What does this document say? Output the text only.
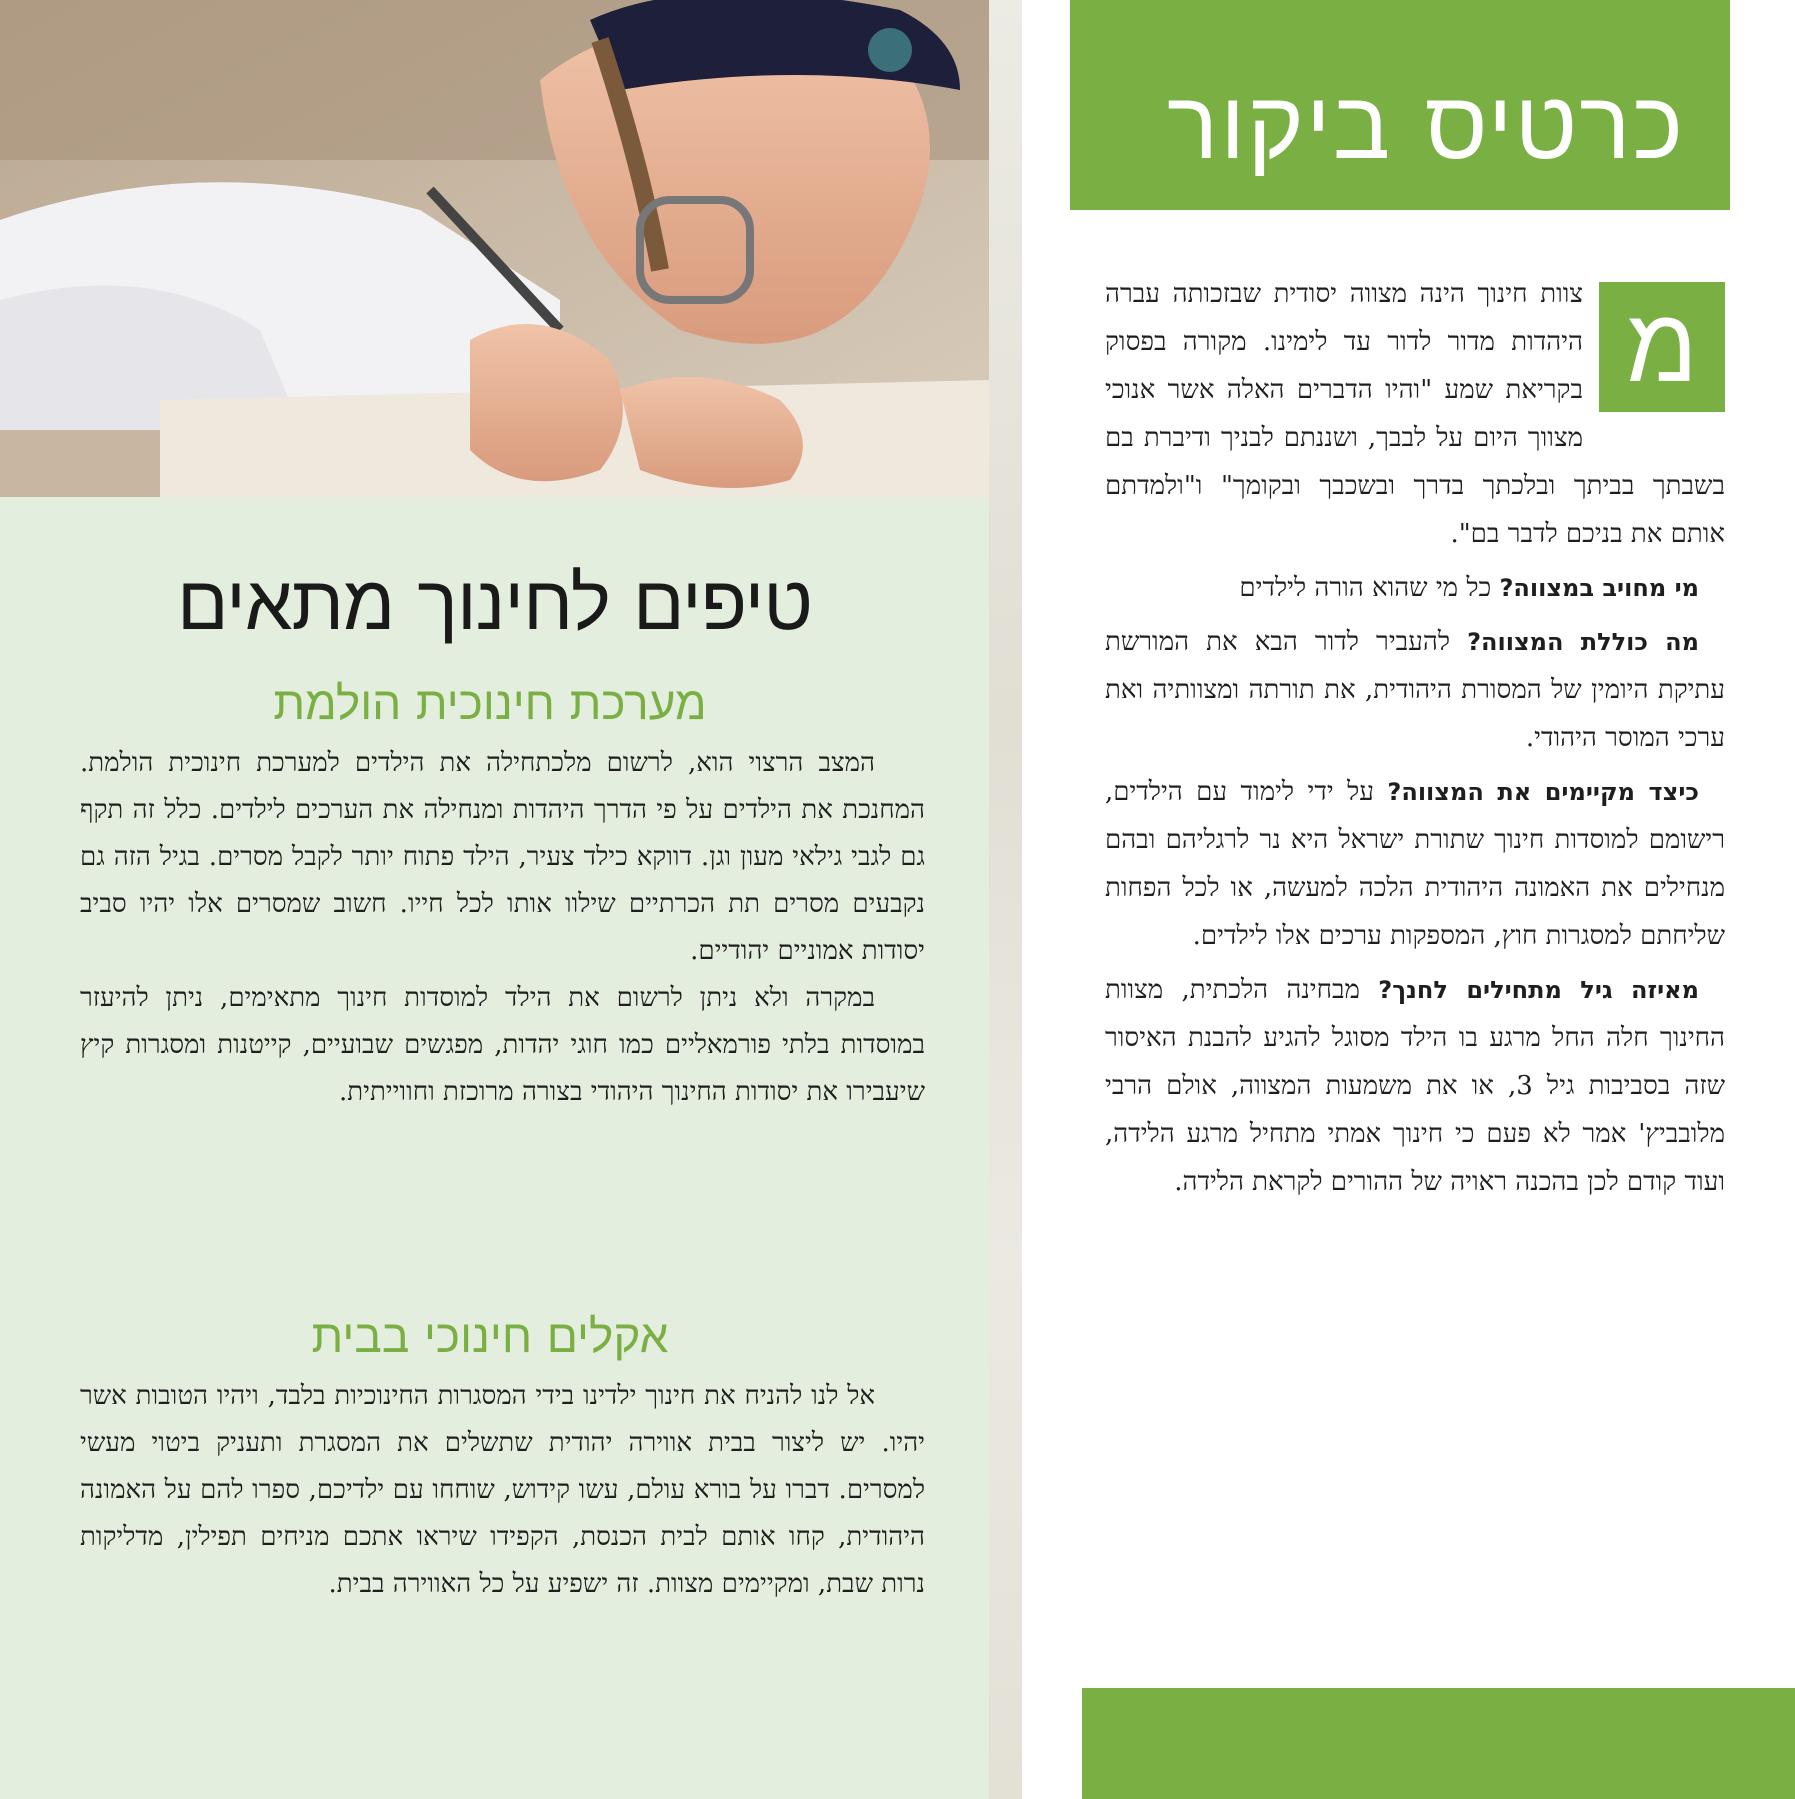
כרטיס ביקור

מ
צוות חינוך הינה מצווה יסודית שבזכותה עברה היהדות מדור לדור עד לימינו. מקורה בפסוק בקריאת שמע "והיו הדברים האלה אשר אנוכי מצווך היום על לבבך, ושננתם לבניך ודיברת בם בשבתך בביתך ובלכתך בדרך ובשכבך ובקומך" ו"ולמדתם אותם את בניכם לדבר בם".

מי מחויב במצווה? כל מי שהוא הורה לילדים

מה כוללת המצווה? להעביר לדור הבא את המורשת עתיקת היומין של המסורת היהודית, את תורתה ומצוותיה ואת ערכי המוסר היהודי.

כיצד מקיימים את המצווה? על ידי לימוד עם הילדים, רישומם למוסדות חינוך שתורת ישראל היא נר לרגליהם ובהם מנחילים את האמונה היהודית הלכה למעשה, או לכל הפחות שליחתם למסגרות חוץ, המספקות ערכים אלו לילדים.

מאיזה גיל מתחילים לחנך? מבחינה הלכתית, מצוות החינוך חלה החל מרגע בו הילד מסוגל להגיע להבנת האיסור שזה בסביבות גיל 3, או את משמעות המצווה, אולם הרבי מלובביץ' אמר לא פעם כי חינוך אמתי מתחיל מרגע הלידה, ועוד קודם לכן בהכנה ראויה של ההורים לקראת הלידה.

טיפים לחינוך מתאים
מערכת חינוכית הולמת

המצב הרצוי הוא, לרשום מלכתחילה את הילדים למערכת חינוכית הולמת. המחנכת את הילדים על פי הדרך היהדות ומנחילה את הערכים לילדים. כלל זה תקף גם לגבי גילאי מעון וגן. דווקא כילד צעיר, הילד פתוח יותר לקבל מסרים. בגיל הזה גם נקבעים מסרים תת הכרתיים שילוו אותו לכל חייו. חשוב שמסרים אלו יהיו סביב יסודות אמוניים יהודיים.

במקרה ולא ניתן לרשום את הילד למוסדות חינוך מתאימים, ניתן להיעזר במוסדות בלתי פורמאליים כמו חוגי יהדות, מפגשים שבועיים, קייטנות ומסגרות קיץ שיעבירו את יסודות החינוך היהודי בצורה מרוכזת וחווייתית.

אקלים חינוכי בבית

אל לנו להניח את חינוך ילדינו בידי המסגרות החינוכיות בלבד, ויהיו הטובות אשר יהיו. יש ליצור בבית אווירה יהודית שתשלים את המסגרת ותעניק ביטוי מעשי למסרים. דברו על בורא עולם, עשו קידוש, שוחחו עם ילדיכם, ספרו להם על האמונה היהודית, קחו אותם לבית הכנסת, הקפידו שיראו אתכם מניחים תפילין, מדליקות נרות שבת, ומקיימים מצוות. זה ישפיע על כל האווירה בבית.
